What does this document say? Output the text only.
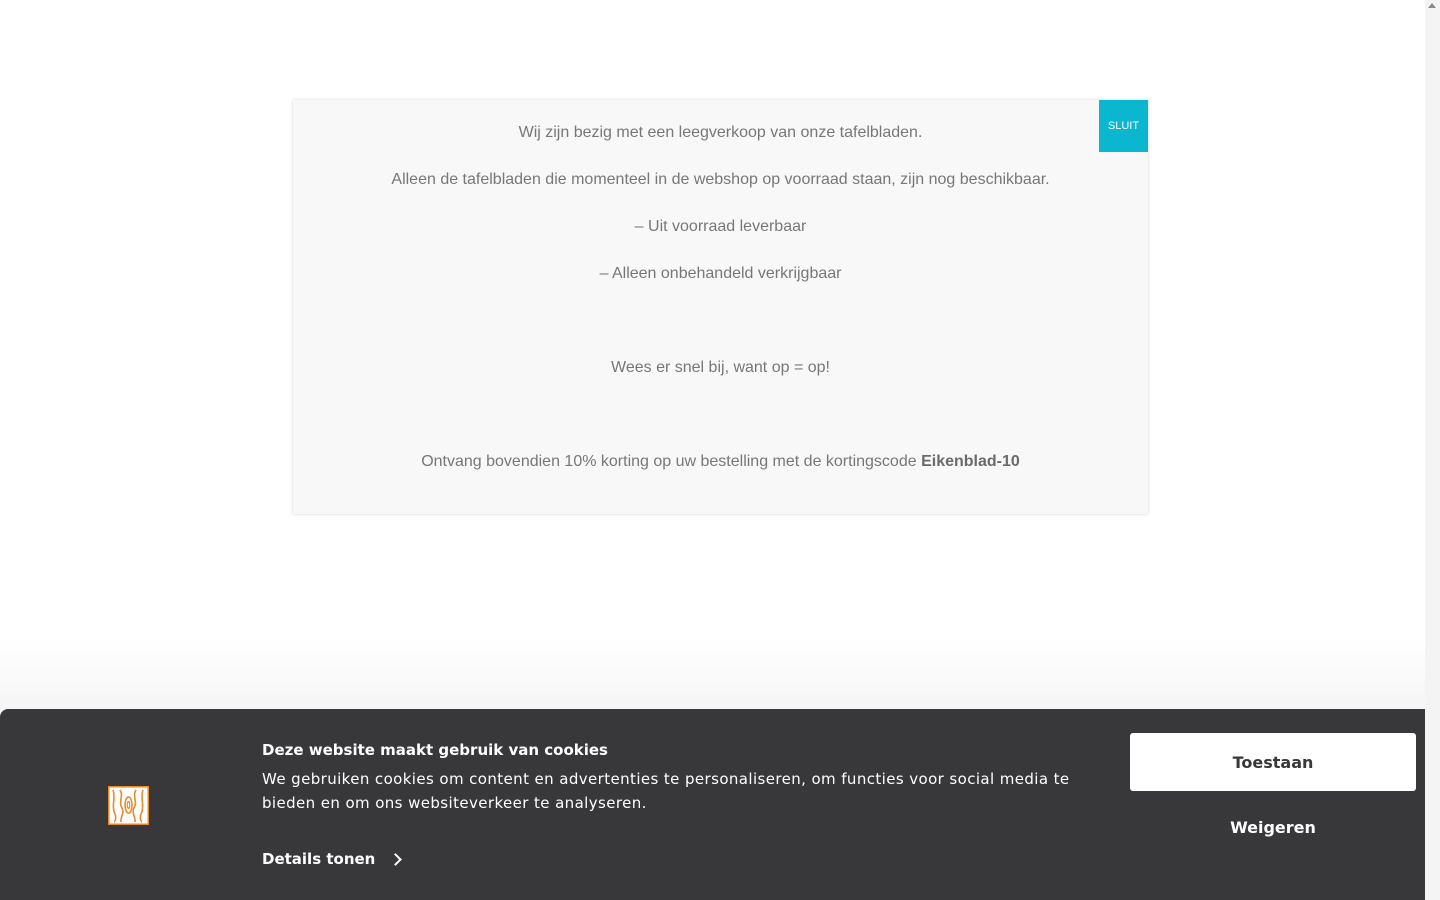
SLUIT

Wij zijn bezig met een leegverkoop van onze tafelbladen.

Alleen de tafelbladen die momenteel in de webshop op voorraad staan, zijn nog beschikbaar.

– Uit voorraad leverbaar

– Alleen onbehandeld verkrijgbaar

Wees er snel bij, want op = op!

Ontvang bovendien 10% korting op uw bestelling met de kortingscode Eikenblad-10

Deze website maakt gebruik van cookies

We gebruiken cookies om content en advertenties te personaliseren, om functies voor social media te bieden en om ons websiteverkeer te analyseren.

Details tonen
Toestaan
Weigeren
